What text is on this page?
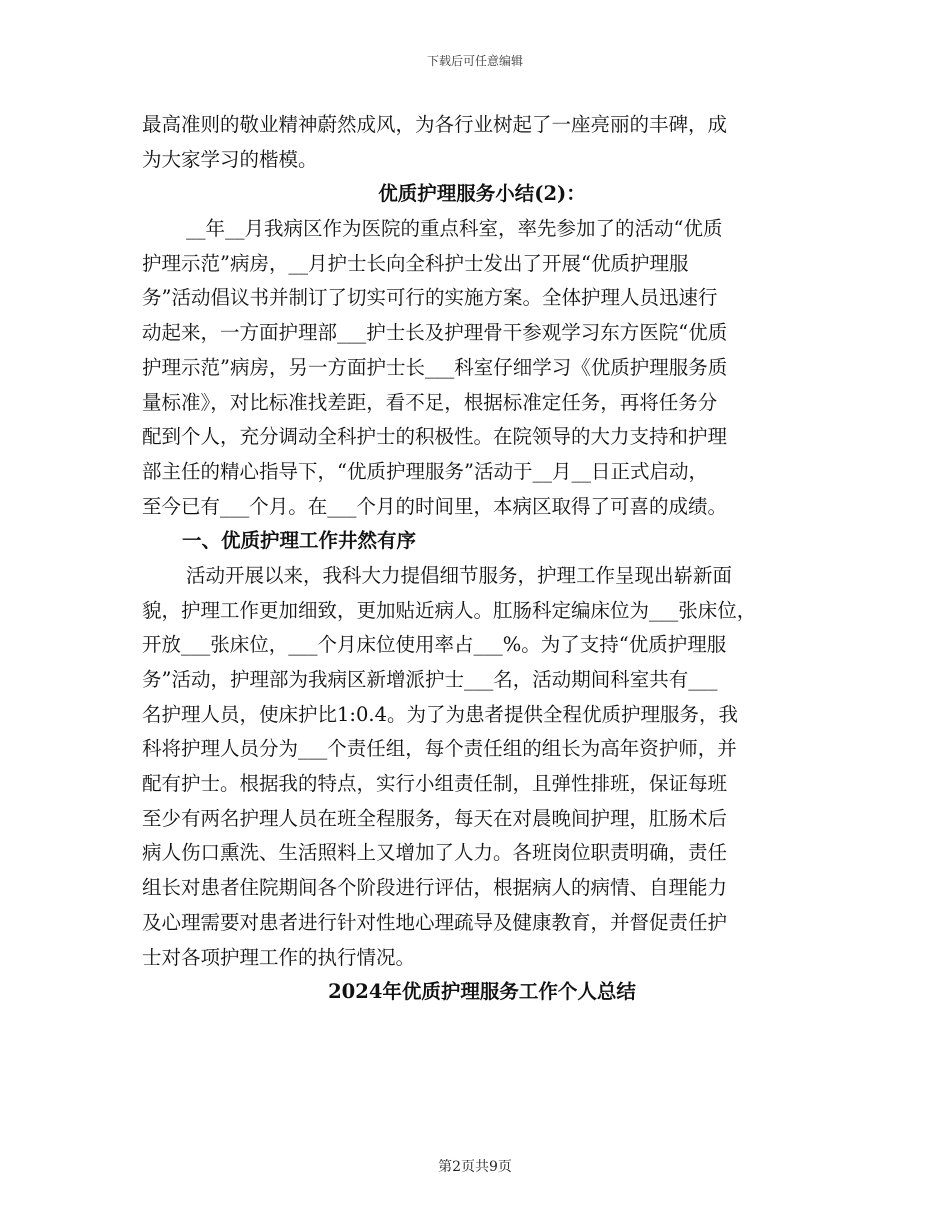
下载后可任意编辑
最高准则的敬业精神蔚然成风，为各行业树起了一座亮丽的丰碑，成
为大家学习的楷模。
优质护理服务小结(2)：
__年__月我病区作为医院的重点科室，率先参加了的活动“优质
护理示范”病房，__月护士长向全科护士发出了开展“优质护理服
务”活动倡议书并制订了切实可行的实施方案。全体护理人员迅速行
动起来，一方面护理部___护士长及护理骨干参观学习东方医院“优质
护理示范”病房，另一方面护士长___科室仔细学习《优质护理服务质
量标准》，对比标准找差距，看不足，根据标准定任务，再将任务分
配到个人，充分调动全科护士的积极性。在院领导的大力支持和护理
部主任的精心指导下，“优质护理服务”活动于__月__日正式启动，
至今已有___个月。在___个月的时间里，本病区取得了可喜的成绩。
一、优质护理工作井然有序
活动开展以来，我科大力提倡细节服务，护理工作呈现出崭新面
貌，护理工作更加细致，更加贴近病人。肛肠科定编床位为___张床位，
开放___张床位，___个月床位使用率占___%。为了支持“优质护理服
务”活动，护理部为我病区新增派护士___名，活动期间科室共有___
名护理人员，使床护比1:0.4。为了为患者提供全程优质护理服务，我
科将护理人员分为___个责任组，每个责任组的组长为高年资护师，并
配有护士。根据我的特点，实行小组责任制，且弹性排班，保证每班
至少有两名护理人员在班全程服务，每天在对晨晚间护理，肛肠术后
病人伤口熏洗、生活照料上又增加了人力。各班岗位职责明确，责任
组长对患者住院期间各个阶段进行评估，根据病人的病情、自理能力
及心理需要对患者进行针对性地心理疏导及健康教育，并督促责任护
士对各项护理工作的执行情况。
2024年优质护理服务工作个人总结
第2页共9页
